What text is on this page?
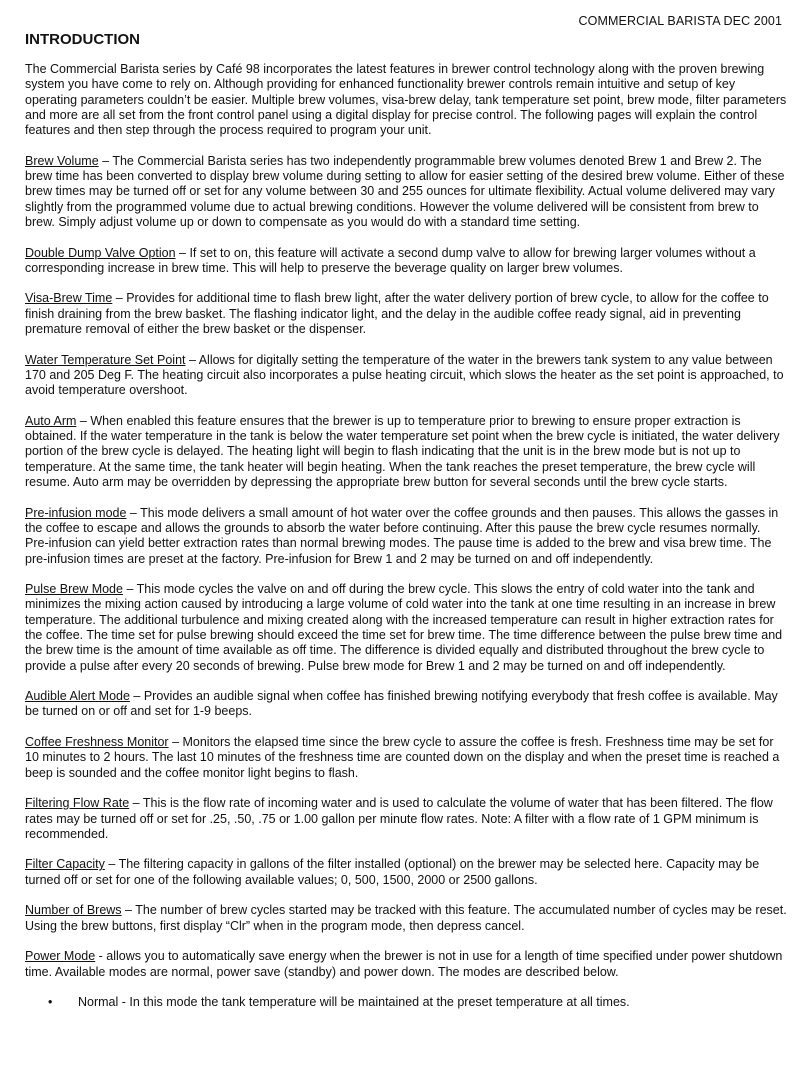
COMMERCIAL BARISTA DEC 2001
INTRODUCTION

The Commercial Barista series by Café 98 incorporates the latest features in brewer control technology along with the proven brewing system you have come to rely on. Although providing for enhanced functionality brewer controls remain intuitive and setup of key operating parameters couldn’t be easier. Multiple brew volumes, visa-brew delay, tank temperature set point, brew mode, filter parameters and more are all set from the front control panel using a digital display for precise control. The following pages will explain the control features and then step through the process required to program your unit.

Brew Volume – The Commercial Barista series has two independently programmable brew volumes denoted Brew 1 and Brew 2. The brew time has been converted to display brew volume during setting to allow for easier setting of the desired brew volume. Either of these brew times may be turned off or set for any volume between 30 and 255 ounces for ultimate flexibility. Actual volume delivered may vary slightly from the programmed volume due to actual brewing conditions. However the volume delivered will be consistent from brew to brew. Simply adjust volume up or down to compensate as you would do with a standard time setting.

Double Dump Valve Option – If set to on, this feature will activate a second dump valve to allow for brewing larger volumes without a corresponding increase in brew time. This will help to preserve the beverage quality on larger brew volumes.

Visa-Brew Time – Provides for additional time to flash brew light, after the water delivery portion of brew cycle, to allow for the coffee to finish draining from the brew basket. The flashing indicator light, and the delay in the audible coffee ready signal, aid in preventing premature removal of either the brew basket or the dispenser.

Water Temperature Set Point – Allows for digitally setting the temperature of the water in the brewers tank system to any value between 170 and 205 Deg F. The heating circuit also incorporates a pulse heating circuit, which slows the heater as the set point is approached, to avoid temperature overshoot.

Auto Arm – When enabled this feature ensures that the brewer is up to temperature prior to brewing to ensure proper extraction is obtained. If the water temperature in the tank is below the water temperature set point when the brew cycle is initiated, the water delivery portion of the brew cycle is delayed. The heating light will begin to flash indicating that the unit is in the brew mode but is not up to temperature. At the same time, the tank heater will begin heating. When the tank reaches the preset temperature, the brew cycle will resume. Auto arm may be overridden by depressing the appropriate brew button for several seconds until the brew cycle starts.

Pre-infusion mode – This mode delivers a small amount of hot water over the coffee grounds and then pauses. This allows the gasses in the coffee to escape and allows the grounds to absorb the water before continuing. After this pause the brew cycle resumes normally. Pre-infusion can yield better extraction rates than normal brewing modes. The pause time is added to the brew and visa brew time. The pre-infusion times are preset at the factory. Pre-infusion for Brew 1 and 2 may be turned on and off independently.

Pulse Brew Mode – This mode cycles the valve on and off during the brew cycle. This slows the entry of cold water into the tank and minimizes the mixing action caused by introducing a large volume of cold water into the tank at one time resulting in an increase in brew temperature. The additional turbulence and mixing created along with the increased temperature can result in higher extraction rates for the coffee. The time set for pulse brewing should exceed the time set for brew time. The time difference between the pulse brew time and the brew time is the amount of time available as off time. The difference is divided equally and distributed throughout the brew cycle to provide a pulse after every 20 seconds of brewing. Pulse brew mode for Brew 1 and 2 may be turned on and off independently.

Audible Alert Mode – Provides an audible signal when coffee has finished brewing notifying everybody that fresh coffee is available. May be turned on or off and set for 1-9 beeps.

Coffee Freshness Monitor – Monitors the elapsed time since the brew cycle to assure the coffee is fresh. Freshness time may be set for 10 minutes to 2 hours. The last 10 minutes of the freshness time are counted down on the display and when the preset time is reached a beep is sounded and the coffee monitor light begins to flash.

Filtering Flow Rate – This is the flow rate of incoming water and is used to calculate the volume of water that has been filtered. The flow rates may be turned off or set for .25, .50, .75 or 1.00 gallon per minute flow rates. Note: A filter with a flow rate of 1 GPM minimum is recommended.

Filter Capacity – The filtering capacity in gallons of the filter installed (optional) on the brewer may be selected here. Capacity may be turned off or set for one of the following available values; 0, 500, 1500, 2000 or 2500 gallons.

Number of Brews – The number of brew cycles started may be tracked with this feature. The accumulated number of cycles may be reset. Using the brew buttons, first display “Clr” when in the program mode, then depress cancel.

Power Mode - allows you to automatically save energy when the brewer is not in use for a length of time specified under power shutdown time. Available modes are normal, power save (standby) and power down. The modes are described below.

• Normal - In this mode the tank temperature will be maintained at the preset temperature at all times.
